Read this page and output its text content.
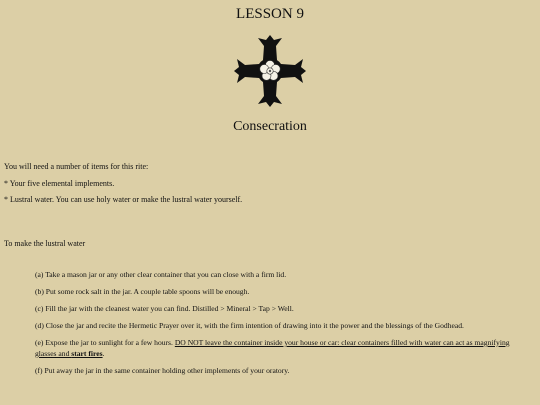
LESSON 9
Consecration
You will need a number of items for this rite:
* Your five elemental implements.
* Lustral water. You can use holy water or make the lustral water yourself.
To make the lustral water

(a) Take a mason jar or any other clear container that you can close with a firm lid.

(b) Put some rock salt in the jar. A couple table spoons will be enough.

(c) Fill the jar with the cleanest water you can find. Distilled > Mineral > Tap > Well.

(d) Close the jar and recite the Hermetic Prayer over it, with the firm intention of drawing into it the power and the blessings of the Godhead.

(e) Expose the jar to sunlight for a few hours. DO NOT leave the container inside your house or car: clear containers filled with water can act as magnifying glasses and start fires.

(f) Put away the jar in the same container holding other implements of your oratory.
